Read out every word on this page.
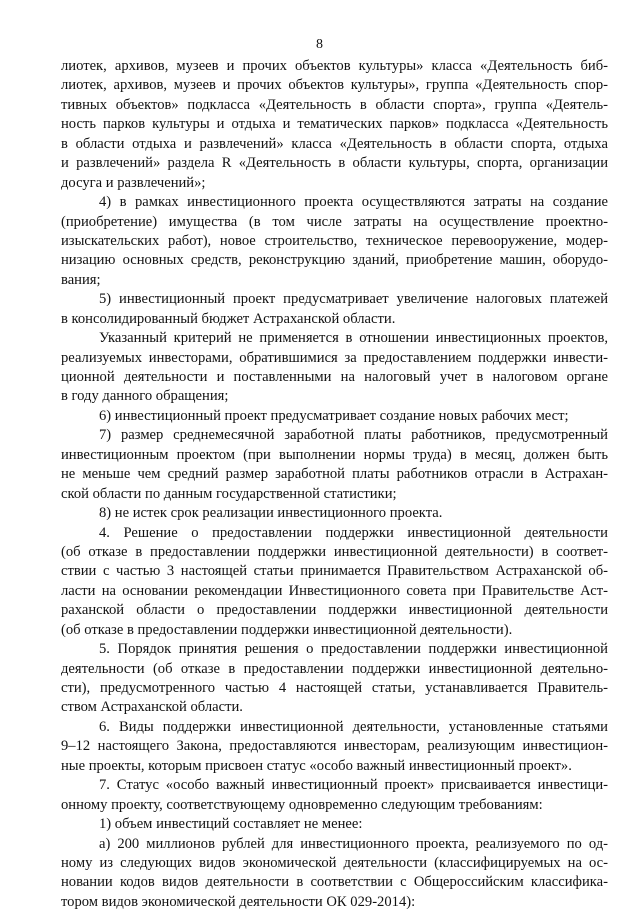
8
лиотек, архивов, музеев и прочих объектов культуры» класса «Деятельность биб-
лиотек, архивов, музеев и прочих объектов культуры», группа «Деятельность спор-
тивных объектов» подкласса «Деятельность в области спорта», группа «Деятель-
ность парков культуры и отдыха и тематических парков» подкласса «Деятельность
в области отдыха и развлечений» класса «Деятельность в области спорта, отдыха
и развлечений» раздела R «Деятельность в области культуры, спорта, организации
досуга и развлечений»;
4) в рамках инвестиционного проекта осуществляются затраты на создание
(приобретение) имущества (в том числе затраты на осуществление проектно-
изыскательских работ), новое строительство, техническое перевооружение, модер-
низацию основных средств, реконструкцию зданий, приобретение машин, оборудо-
вания;
5) инвестиционный проект предусматривает увеличение налоговых платежей
в консолидированный бюджет Астраханской области.
Указанный критерий не применяется в отношении инвестиционных проектов,
реализуемых инвесторами, обратившимися за предоставлением поддержки инвести-
ционной деятельности и поставленными на налоговый учет в налоговом органе
в году данного обращения;
6) инвестиционный проект предусматривает создание новых рабочих мест;
7) размер среднемесячной заработной платы работников, предусмотренный
инвестиционным проектом (при выполнении нормы труда) в месяц, должен быть
не меньше чем средний размер заработной платы работников отрасли в Астрахан-
ской области по данным государственной статистики;
8) не истек срок реализации инвестиционного проекта.
4. Решение о предоставлении поддержки инвестиционной деятельности
(об отказе в предоставлении поддержки инвестиционной деятельности) в соответ-
ствии с частью 3 настоящей статьи принимается Правительством Астраханской об-
ласти на основании рекомендации Инвестиционного совета при Правительстве Аст-
раханской области о предоставлении поддержки инвестиционной деятельности
(об отказе в предоставлении поддержки инвестиционной деятельности).
5. Порядок принятия решения о предоставлении поддержки инвестиционной
деятельности (об отказе в предоставлении поддержки инвестиционной деятельно-
сти), предусмотренного частью 4 настоящей статьи, устанавливается Правитель-
ством Астраханской области.
6. Виды поддержки инвестиционной деятельности, установленные статьями
9–12 настоящего Закона, предоставляются инвесторам, реализующим инвестицион-
ные проекты, которым присвоен статус «особо важный инвестиционный проект».
7. Статус «особо важный инвестиционный проект» присваивается инвестици-
онному проекту, соответствующему одновременно следующим требованиям:
1) объем инвестиций составляет не менее:
а) 200 миллионов рублей для инвестиционного проекта, реализуемого по од-
ному из следующих видов экономической деятельности (классифицируемых на ос-
новании кодов видов деятельности в соответствии с Общероссийским классифика-
тором видов экономической деятельности ОК 029-2014):
